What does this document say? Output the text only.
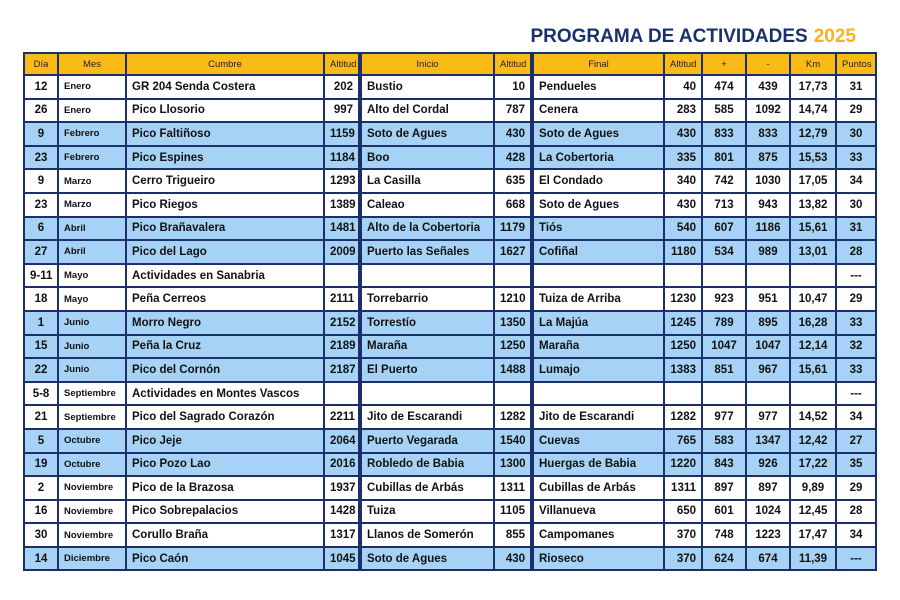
PROGRAMA DE ACTIVIDADES 2025
Día	Mes	Cumbre	Altitud	Inicio	Altitud	Final	Altitud	+	-	Km	Puntos
12	Enero	GR 204 Senda Costera	202	Bustio	10	Pendueles	40	474	439	17,73	31
26	Enero	Pico Llosorio	997	Alto del Cordal	787	Cenera	283	585	1092	14,74	29
9	Febrero	Pico Faltiñoso	1159	Soto de Agues	430	Soto de Agues	430	833	833	12,79	30
23	Febrero	Pico Espines	1184	Boo	428	La Cobertoria	335	801	875	15,53	33
9	Marzo	Cerro Trigueiro	1293	La Casilla	635	El Condado	340	742	1030	17,05	34
23	Marzo	Pico Riegos	1389	Caleao	668	Soto de Agues	430	713	943	13,82	30
6	Abril	Pico Brañavalera	1481	Alto de la Cobertoria	1179	Tiós	540	607	1186	15,61	31
27	Abril	Pico del Lago	2009	Puerto las Señales	1627	Cofiñal	1180	534	989	13,01	28
9-11	Mayo	Actividades en Sanabria									---
18	Mayo	Peña Cerreos	2111	Torrebarrio	1210	Tuiza de Arriba	1230	923	951	10,47	29
1	Junio	Morro Negro	2152	Torrestío	1350	La Majúa	1245	789	895	16,28	33
15	Junio	Peña la Cruz	2189	Maraña	1250	Maraña	1250	1047	1047	12,14	32
22	Junio	Pico del Cornón	2187	El Puerto	1488	Lumajo	1383	851	967	15,61	33
5-8	Septiembre	Actividades en Montes Vascos									---
21	Septiembre	Pico del Sagrado Corazón	2211	Jito de Escarandi	1282	Jito de Escarandi	1282	977	977	14,52	34
5	Octubre	Pico Jeje	2064	Puerto Vegarada	1540	Cuevas	765	583	1347	12,42	27
19	Octubre	Pico Pozo Lao	2016	Robledo de Babia	1300	Huergas de Babia	1220	843	926	17,22	35
2	Noviembre	Pico de la Brazosa	1937	Cubillas de Arbás	1311	Cubillas de Arbás	1311	897	897	9,89	29
16	Noviembre	Pico Sobrepalacios	1428	Tuiza	1105	Villanueva	650	601	1024	12,45	28
30	Noviembre	Corullo Braña	1317	Llanos de Somerón	855	Campomanes	370	748	1223	17,47	34
14	Diciembre	Pico Caón	1045	Soto de Agues	430	Rioseco	370	624	674	11,39	---
